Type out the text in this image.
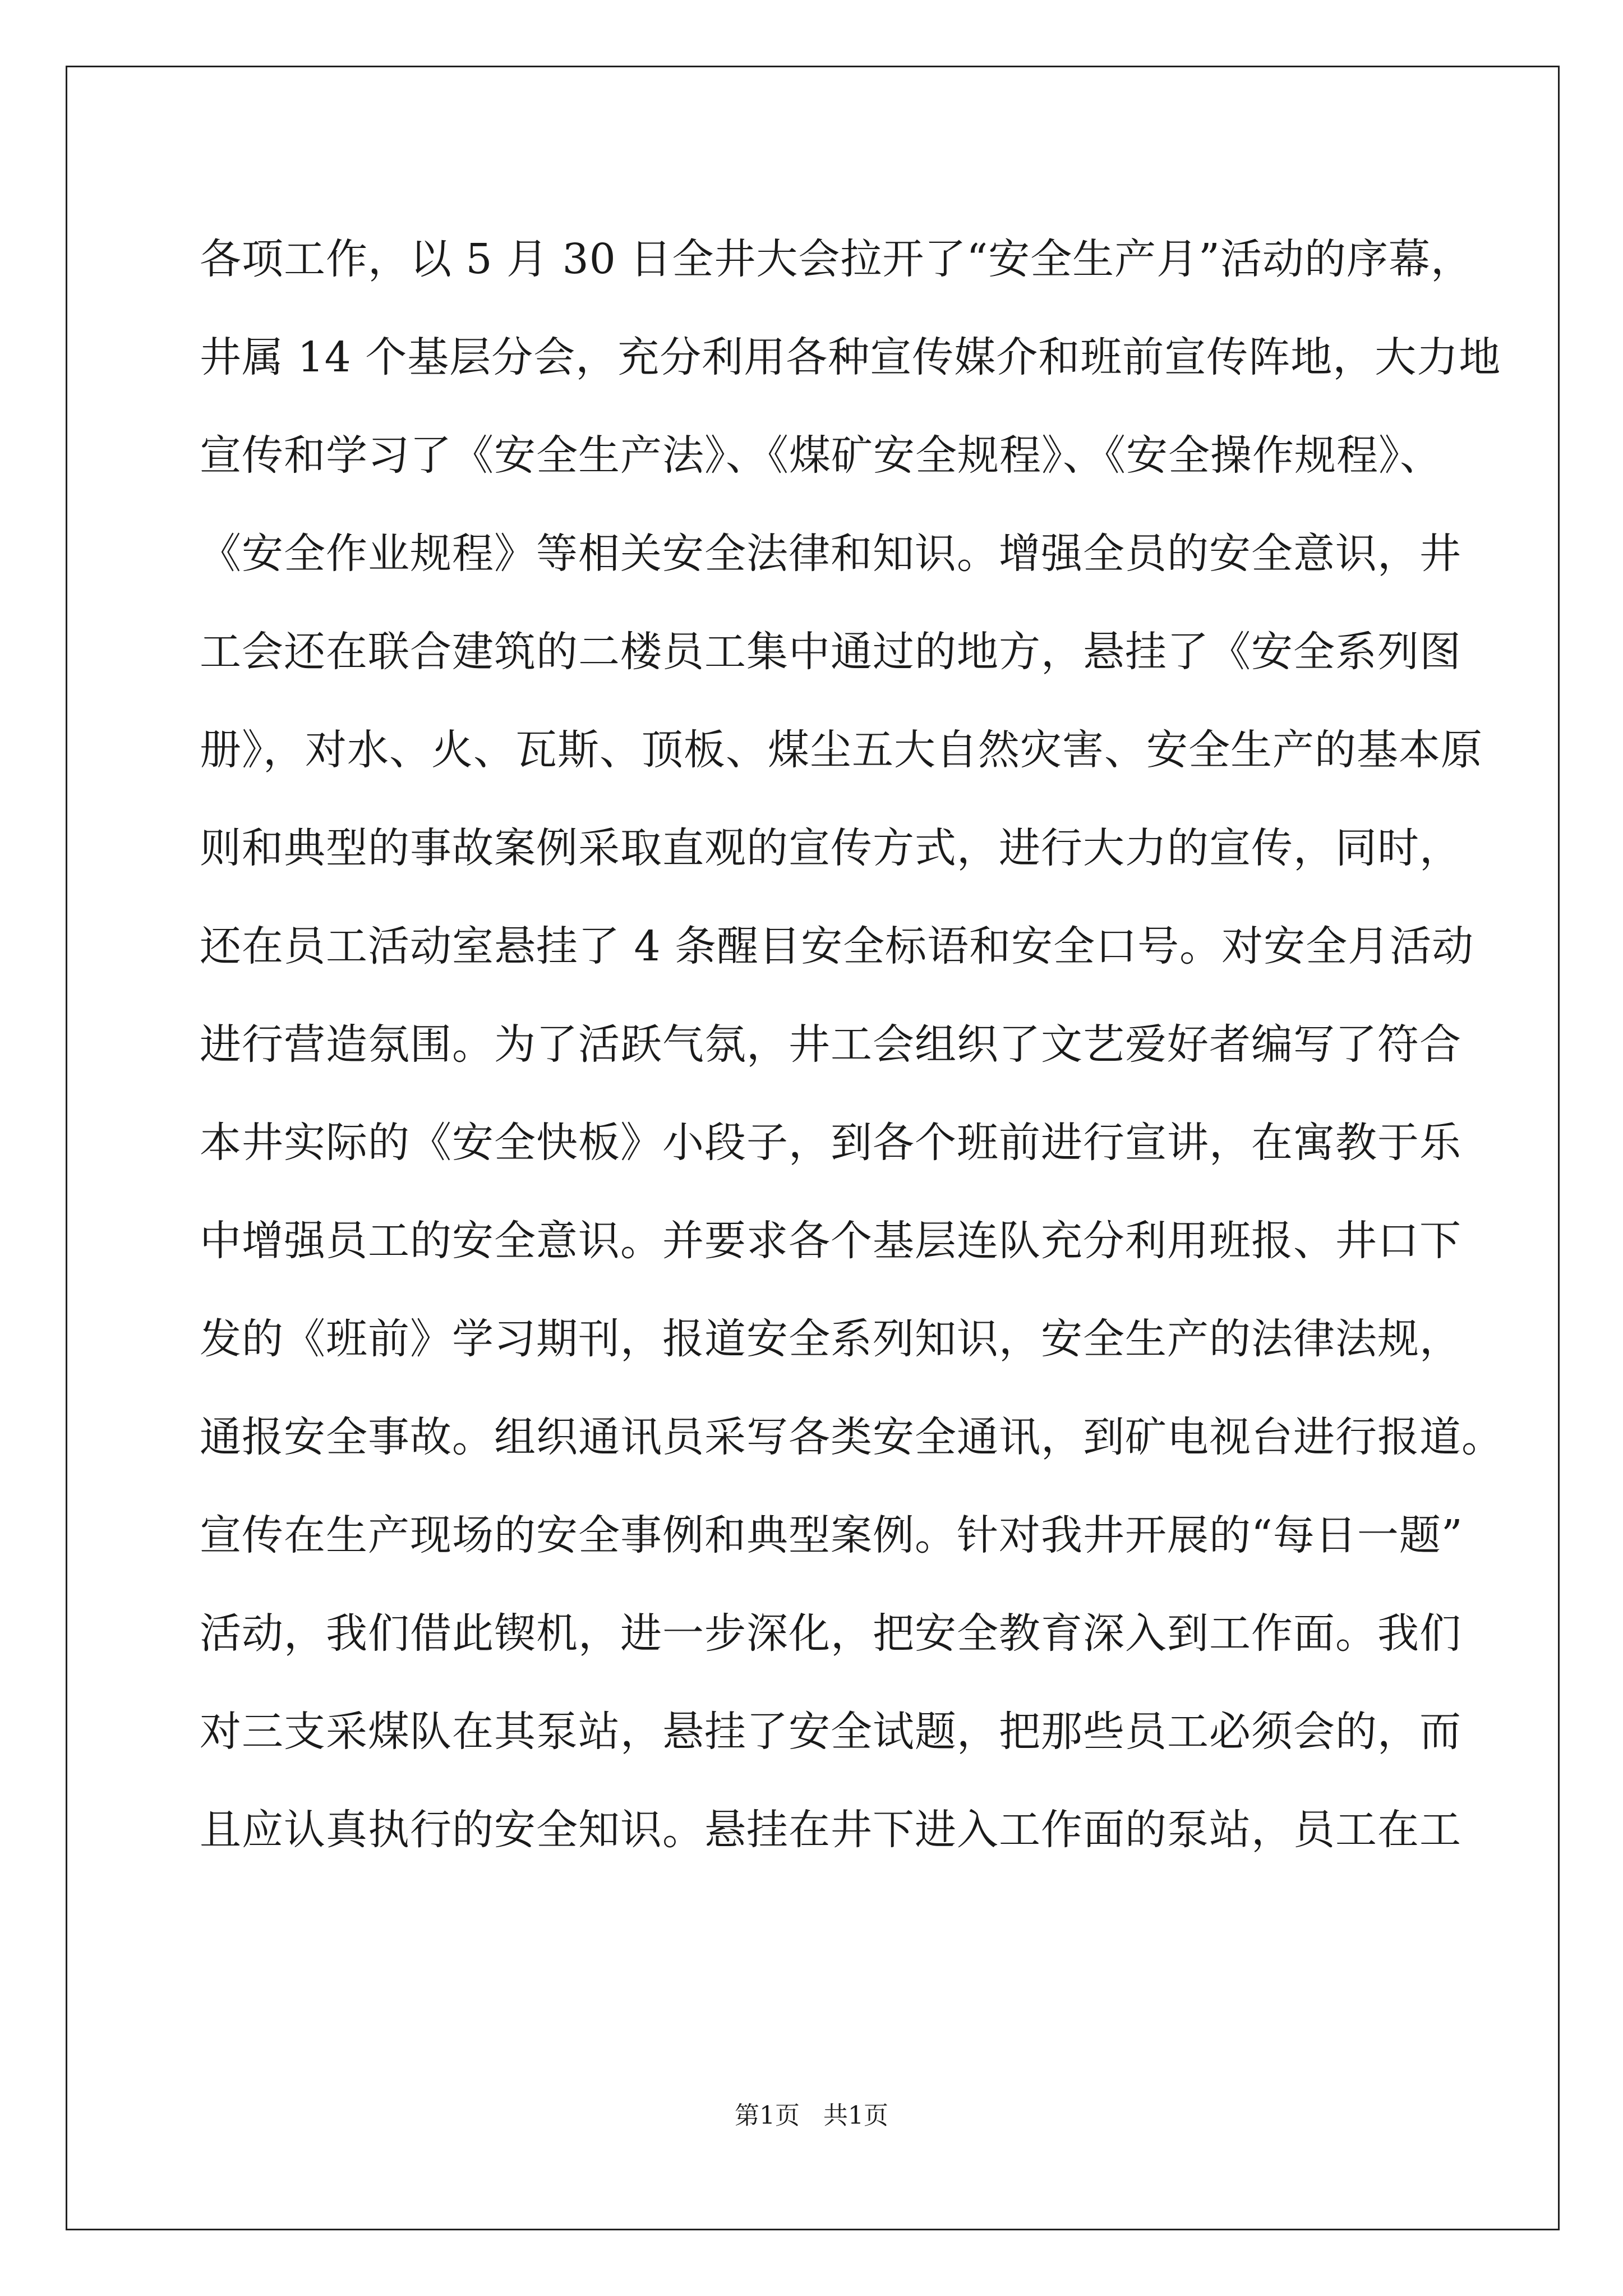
各项工作，以 5 月 30 日全井大会拉开了“安全生产月”活动的序幕，
井属 14 个基层分会，充分利用各种宣传媒介和班前宣传阵地，大力地
宣传和学习了《安全生产法》、《煤矿安全规程》、《安全操作规程》、
《安全作业规程》等相关安全法律和知识。增强全员的安全意识，井
工会还在联合建筑的二楼员工集中通过的地方，悬挂了《安全系列图
册》，对水、火、瓦斯、顶板、煤尘五大自然灾害、安全生产的基本原
则和典型的事故案例采取直观的宣传方式，进行大力的宣传，同时，
还在员工活动室悬挂了 4 条醒目安全标语和安全口号。对安全月活动
进行营造氛围。为了活跃气氛，井工会组织了文艺爱好者编写了符合
本井实际的《安全快板》小段子，到各个班前进行宣讲，在寓教于乐
中增强员工的安全意识。并要求各个基层连队充分利用班报、井口下
发的《班前》学习期刊，报道安全系列知识，安全生产的法律法规，
通报安全事故。组织通讯员采写各类安全通讯，到矿电视台进行报道。
宣传在生产现场的安全事例和典型案例。针对我井开展的“每日一题”
活动，我们借此锲机，进一步深化，把安全教育深入到工作面。我们
对三支采煤队在其泵站，悬挂了安全试题，把那些员工必须会的，而
且应认真执行的安全知识。悬挂在井下进入工作面的泵站，员工在工
第1页   共1页
